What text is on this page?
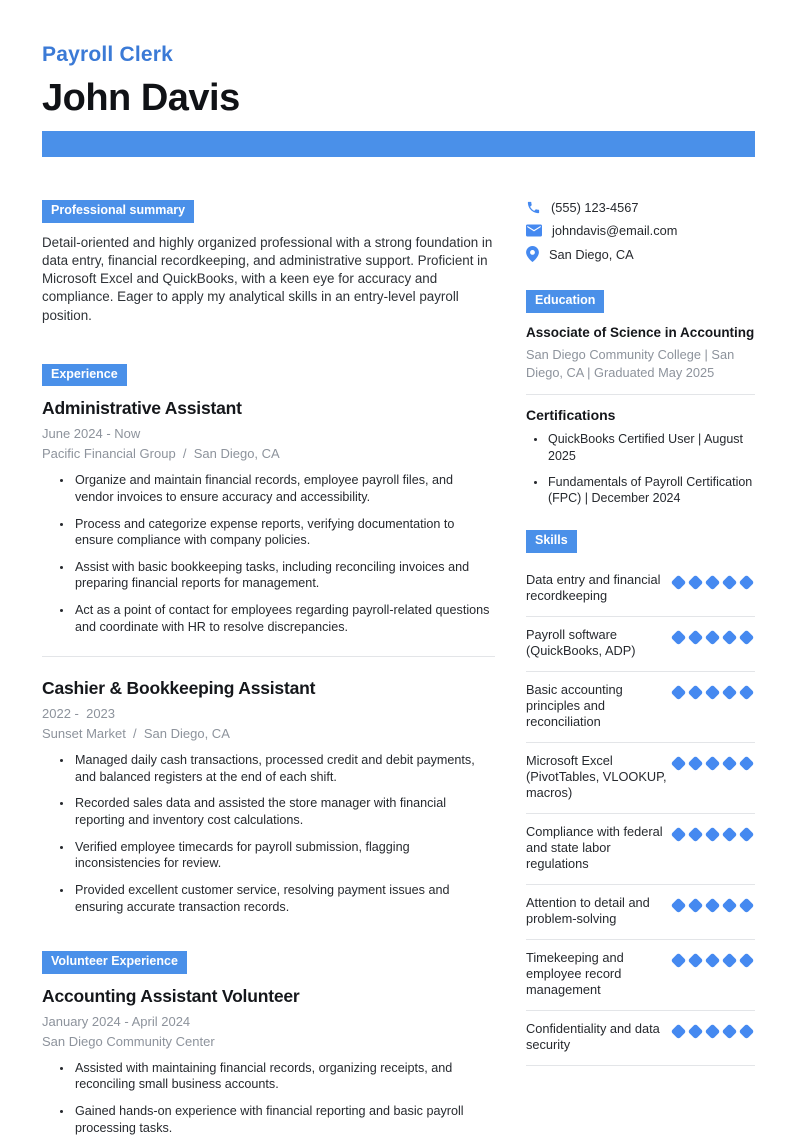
Payroll Clerk
John Davis
Professional summary

Detail-oriented and highly organized professional with a strong foundation in data entry, financial recordkeeping, and administrative support. Proficient in Microsoft Excel and QuickBooks, with a keen eye for accuracy and compliance. Eager to apply my analytical skills in an entry-level payroll position.

Experience
Administrative Assistant
June 2024 - Now
Pacific Financial Group  /  San Diego, CA
• Organize and maintain financial records, employee payroll files, and vendor invoices to ensure accuracy and accessibility.
• Process and categorize expense reports, verifying documentation to ensure compliance with company policies.
• Assist with basic bookkeeping tasks, including reconciling invoices and preparing financial reports for management.
• Act as a point of contact for employees regarding payroll-related questions and coordinate with HR to resolve discrepancies.
Cashier & Bookkeeping Assistant
2022 -  2023
Sunset Market  /  San Diego, CA
• Managed daily cash transactions, processed credit and debit payments, and balanced registers at the end of each shift.
• Recorded sales data and assisted the store manager with financial reporting and inventory cost calculations.
• Verified employee timecards for payroll submission, flagging inconsistencies for review.
• Provided excellent customer service, resolving payment issues and ensuring accurate transaction records.
Volunteer Experience
Accounting Assistant Volunteer
January 2024 - April 2024
San Diego Community Center
• Assisted with maintaining financial records, organizing receipts, and reconciling small business accounts.
• Gained hands-on experience with financial reporting and basic payroll processing tasks.
(555) 123-4567
johndavis@email.com
San Diego, CA
Education
Associate of Science in Accounting
San Diego Community College | San Diego, CA | Graduated May 2025
Certifications
• QuickBooks Certified User | August 2025
• Fundamentals of Payroll Certification (FPC) | December 2024
Skills
Data entry and financial recordkeeping
Payroll software (QuickBooks, ADP)
Basic accounting principles and reconciliation
Microsoft Excel (PivotTables, VLOOKUP, macros)
Compliance with federal and state labor regulations
Attention to detail and problem-solving
Timekeeping and employee record management
Confidentiality and data security
